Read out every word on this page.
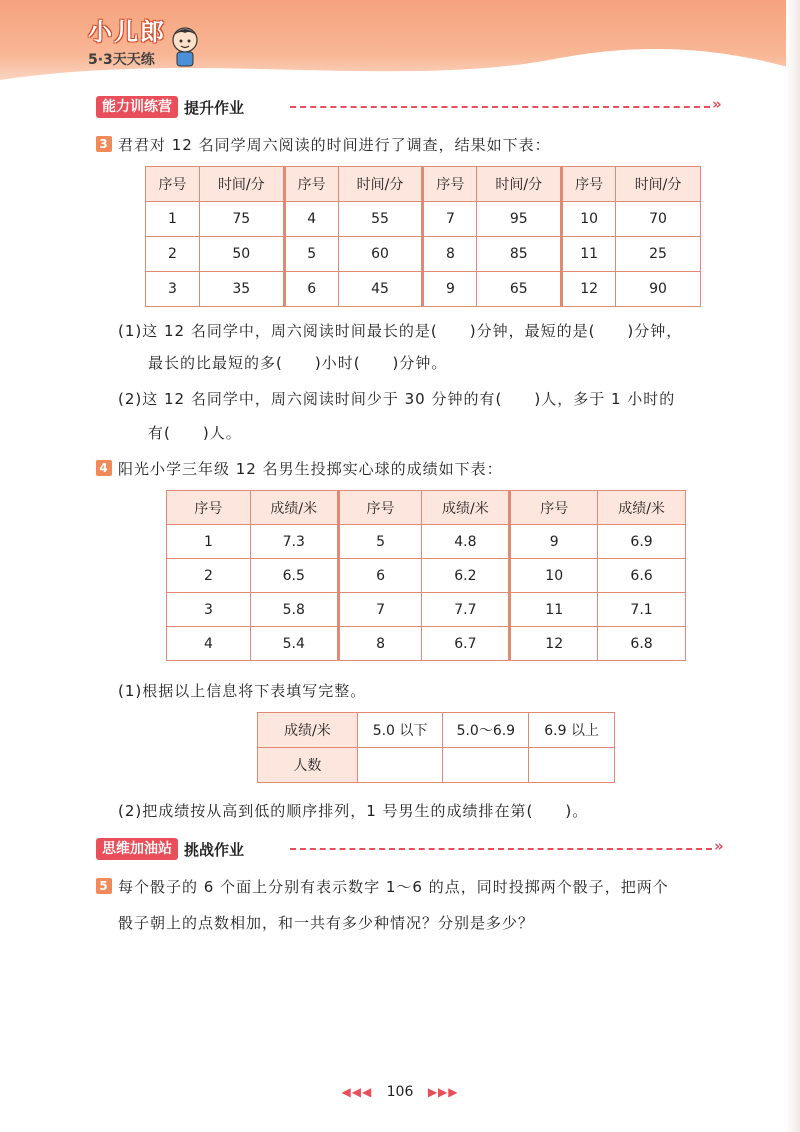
小儿郎
5·3天天练
能力训练营 提升作业	»
3 君君对 12 名同学周六阅读的时间进行了调查，结果如下表：
序号	时间/分	序号	时间/分	序号	时间/分	序号	时间/分
1	75	4	55	7	95	10	70
2	50	5	60	8	85	11	25
3	35	6	45	9	65	12	90
(1)这 12 名同学中，周六阅读时间最长的是(　　)分钟，最短的是(　　)分钟，
最长的比最短的多(　　)小时(　　)分钟。
(2)这 12 名同学中，周六阅读时间少于 30 分钟的有(　　)人，多于 1 小时的
有(　　)人。
4 阳光小学三年级 12 名男生投掷实心球的成绩如下表：
序号	成绩/米	序号	成绩/米	序号	成绩/米
1	7.3	5	4.8	9	6.9
2	6.5	6	6.2	10	6.6
3	5.8	7	7.7	11	7.1
4	5.4	8	6.7	12	6.8
(1)根据以上信息将下表填写完整。
成绩/米	5.0 以下	5.0～6.9	6.9 以上
人数			
(2)把成绩按从高到低的顺序排列，1 号男生的成绩排在第(　　)。
思维加油站 挑战作业	»
5 每个骰子的 6 个面上分别有表示数字 1～6 的点，同时投掷两个骰子，把两个
骰子朝上的点数相加，和一共有多少种情况？分别是多少？
◀◀◀ 106 ▶▶▶
